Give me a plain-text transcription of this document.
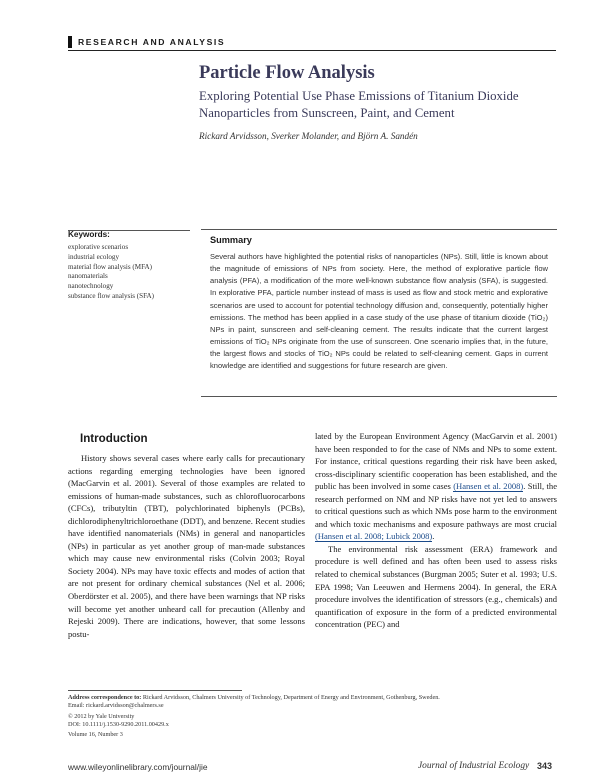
RESEARCH AND ANALYSIS
Particle Flow Analysis
Exploring Potential Use Phase Emissions of Titanium Dioxide Nanoparticles from Sunscreen, Paint, and Cement
Rickard Arvidsson, Sverker Molander, and Björn A. Sandén
Keywords:
explorative scenarios
industrial ecology
material flow analysis (MFA)
nanomaterials
nanotechnology
substance flow analysis (SFA)
Summary
Several authors have highlighted the potential risks of nanoparticles (NPs). Still, little is known about the magnitude of emissions of NPs from society. Here, the method of explorative particle flow analysis (PFA), a modification of the more well-known substance flow analysis (SFA), is suggested. In explorative PFA, particle number instead of mass is used as flow and stock metric and explorative scenarios are used to account for potential technology diffusion and, consequently, potentially higher emissions. The method has been applied in a case study of the use phase of titanium dioxide (TiO₂) NPs in paint, sunscreen and self-cleaning cement. The results indicate that the current largest emissions of TiO₂ NPs originate from the use of sunscreen. One scenario implies that, in the future, the largest flows and stocks of TiO₂ NPs could be related to self-cleaning cement. Gaps in current knowledge are identified and suggestions for future research are given.
Introduction
History shows several cases where early calls for precautionary actions regarding emerging technologies have been ignored (MacGarvin et al. 2001). Several of those examples are related to emissions of human-made substances, such as chlorofluorocarbons (CFCs), tributyltin (TBT), polychlorinated biphenyls (PCBs), dichlorodiphenyltrichloroethane (DDT), and benzene. Recent studies have identified nanomaterials (NMs) in general and nanoparticles (NPs) in particular as yet another group of man-made substances which may cause new environmental risks (Colvin 2003; Royal Society 2004). NPs may have toxic effects and modes of action that are not present for ordinary chemical substances (Nel et al. 2006; Oberdörster et al. 2005), and there have been warnings that NP risks will become yet another unheard call for precaution (Allenby and Rejeski 2009). There are indications, however, that some lessons postu-

lated by the European Environment Agency (MacGarvin et al. 2001) have been responded to for the case of NMs and NPs to some extent. For instance, critical questions regarding their risk have been asked, cross-disciplinary scientific cooperation has been established, and the public has been involved in some cases (Hansen et al. 2008). Still, the research performed on NM and NP risks have not yet led to answers to critical questions such as which NMs pose harm to the environment and which toxic mechanisms and exposure pathways are most crucial (Hansen et al. 2008; Lubick 2008).

The environmental risk assessment (ERA) framework and procedure is well defined and has often been used to assess risks related to chemical substances (Burgman 2005; Suter et al. 1993; U.S. EPA 1998; Van Leeuwen and Hermens 2004). In general, the ERA procedure involves the identification of stressors (e.g., chemicals) and quantification of exposure in the form of a predicted environmental concentration (PEC) and

Address correspondence to: Rickard Arvidsson, Chalmers University of Technology, Department of Energy and Environment, Gothenburg, Sweden.
Email: rickard.arvidsson@chalmers.se
© 2012 by Yale University
DOI: 10.1111/j.1530-9290.2011.00429.x
Volume 16, Number 3
www.wileyonlinelibrary.com/journal/jie	Journal of Industrial Ecology 343
